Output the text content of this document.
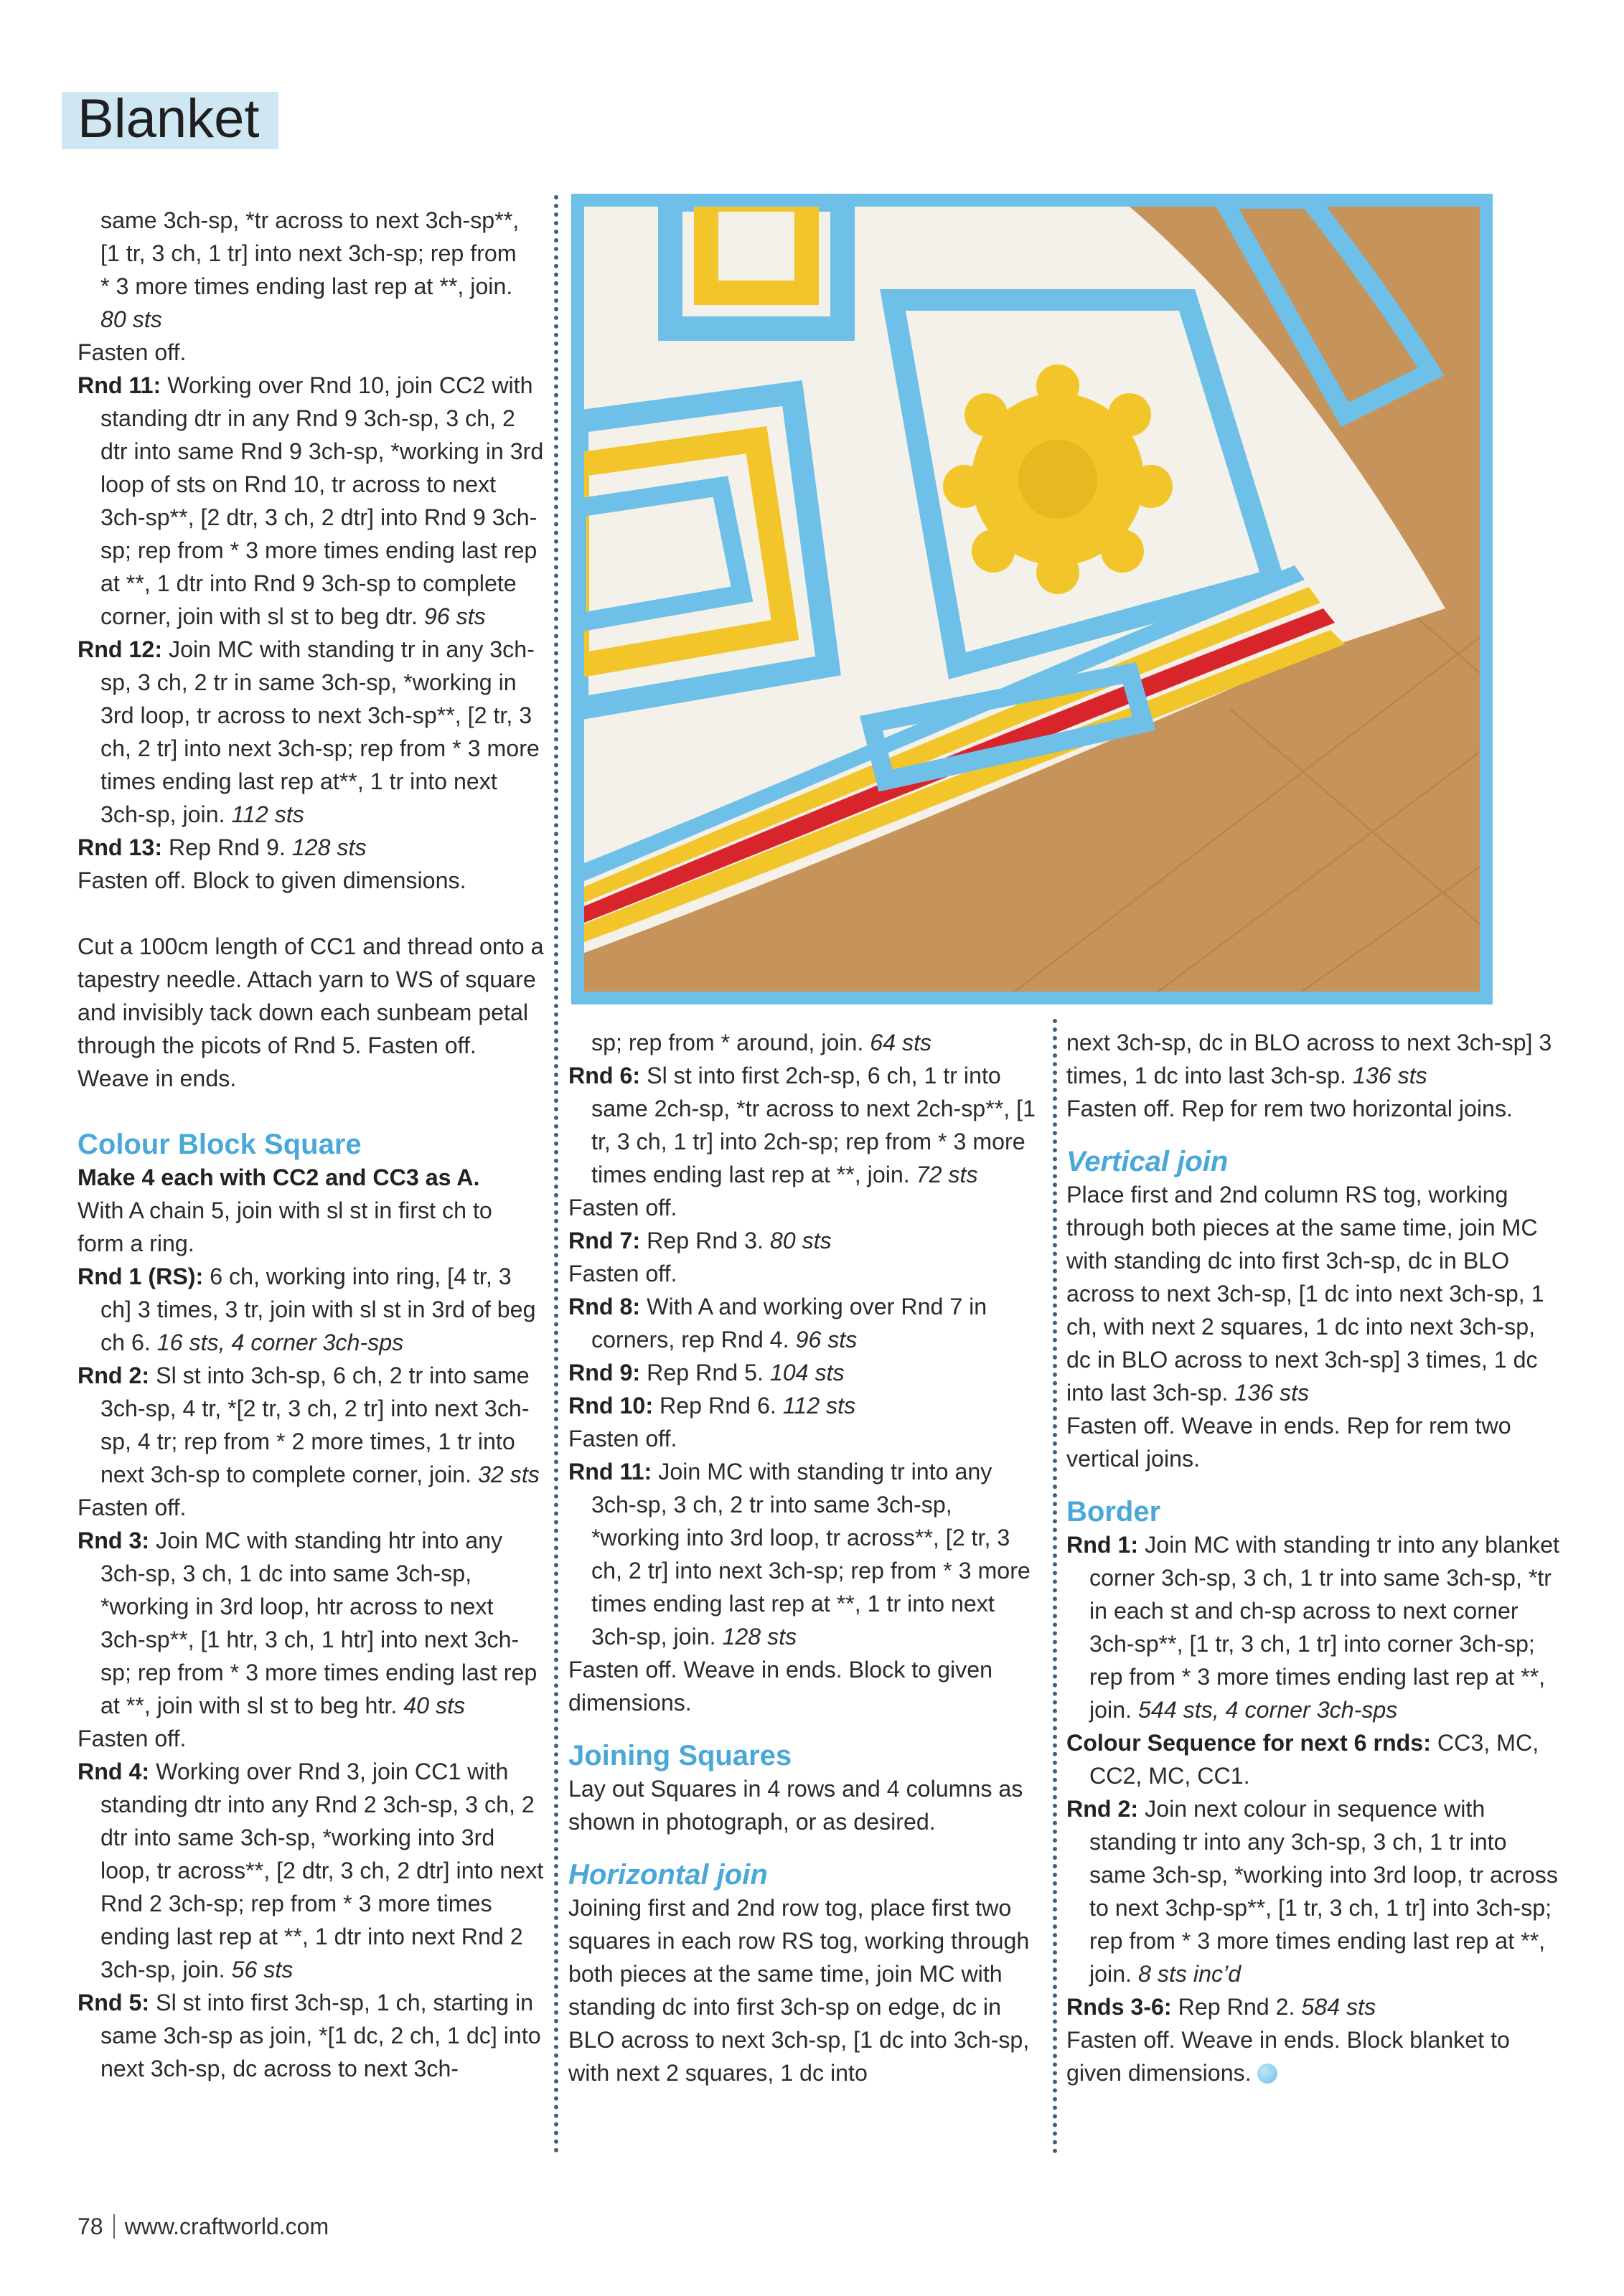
Blanket

same 3ch-sp, *tr across to next 3ch-sp**,

[1 tr, 3 ch, 1 tr] into next 3ch-sp; rep from

* 3 more times ending last rep at **, join.

80 sts

Fasten off.

Rnd 11: Working over Rnd 10, join CC2 with standing dtr in any Rnd 9 3ch-sp, 3 ch, 2 dtr into same Rnd 9 3ch-sp, *working in 3rd loop of sts on Rnd 10, tr across to next 3ch-sp**, [2 dtr, 3 ch, 2 dtr] into Rnd 9 3ch-sp; rep from * 3 more times ending last rep at **, 1 dtr into Rnd 9 3ch-sp to complete corner, join with sl st to beg dtr. 96 sts

Rnd 12: Join MC with standing tr in any 3ch-sp, 3 ch, 2 tr in same 3ch-sp, *working in 3rd loop, tr across to next 3ch-sp**, [2 tr, 3 ch, 2 tr] into next 3ch-sp; rep from * 3 more times ending last rep at**, 1 tr into next 3ch-sp, join. 112 sts

Rnd 13: Rep Rnd 9. 128 sts

Fasten off. Block to given dimensions.

Cut a 100cm length of CC1 and thread onto a tapestry needle. Attach yarn to WS of square and invisibly tack down each sunbeam petal through the picots of Rnd 5. Fasten off. Weave in ends.

Colour Block Square

Make 4 each with CC2 and CC3 as A.

With A chain 5, join with sl st in first ch to form a ring.

Rnd 1 (RS): 6 ch, working into ring, [4 tr, 3 ch] 3 times, 3 tr, join with sl st in 3rd of beg ch 6. 16 sts, 4 corner 3ch-sps

Rnd 2: Sl st into 3ch-sp, 6 ch, 2 tr into same 3ch-sp, 4 tr, *[2 tr, 3 ch, 2 tr] into next 3ch-sp, 4 tr; rep from * 2 more times, 1 tr into next 3ch-sp to complete corner, join. 32 sts

Fasten off.

Rnd 3: Join MC with standing htr into any 3ch-sp, 3 ch, 1 dc into same 3ch-sp, *working in 3rd loop, htr across to next 3ch-sp**, [1 htr, 3 ch, 1 htr] into next 3ch-sp; rep from * 3 more times ending last rep at **, join with sl st to beg htr. 40 sts

Fasten off.

Rnd 4: Working over Rnd 3, join CC1 with standing dtr into any Rnd 2 3ch-sp, 3 ch, 2 dtr into same 3ch-sp, *working into 3rd loop, tr across**, [2 dtr, 3 ch, 2 dtr] into next Rnd 2 3ch-sp; rep from * 3 more times ending last rep at **, 1 dtr into next Rnd 2 3ch-sp, join. 56 sts

Rnd 5: Sl st into first 3ch-sp, 1 ch, starting in same 3ch-sp as join, *[1 dc, 2 ch, 1 dc] into next 3ch-sp, dc across to next 3ch-

sp; rep from * around, join. 64 sts

Rnd 6: Sl st into first 2ch-sp, 6 ch, 1 tr into same 2ch-sp, *tr across to next 2ch-sp**, [1 tr, 3 ch, 1 tr] into 2ch-sp; rep from * 3 more times ending last rep at **, join. 72 sts

Fasten off.

Rnd 7: Rep Rnd 3. 80 sts

Fasten off.

Rnd 8: With A and working over Rnd 7 in corners, rep Rnd 4. 96 sts

Rnd 9: Rep Rnd 5. 104 sts

Rnd 10: Rep Rnd 6. 112 sts

Fasten off.

Rnd 11: Join MC with standing tr into any 3ch-sp, 3 ch, 2 tr into same 3ch-sp, *working into 3rd loop, tr across**, [2 tr, 3 ch, 2 tr] into next 3ch-sp; rep from * 3 more times ending last rep at **, 1 tr into next 3ch-sp, join. 128 sts

Fasten off. Weave in ends. Block to given dimensions.

Joining Squares

Lay out Squares in 4 rows and 4 columns as shown in photograph, or as desired.

Horizontal join

Joining first and 2nd row tog, place first two squares in each row RS tog, working through both pieces at the same time, join MC with standing dc into first 3ch-sp on edge, dc in BLO across to next 3ch-sp, [1 dc into 3ch-sp, with next 2 squares, 1 dc into

next 3ch-sp, dc in BLO across to next 3ch-sp] 3 times, 1 dc into last 3ch-sp. 136 sts

Fasten off. Rep for rem two horizontal joins.

Vertical join

Place first and 2nd column RS tog, working through both pieces at the same time, join MC with standing dc into first 3ch-sp, dc in BLO across to next 3ch-sp, [1 dc into next 3ch-sp, 1 ch, with next 2 squares, 1 dc into next 3ch-sp, dc in BLO across to next 3ch-sp] 3 times, 1 dc into last 3ch-sp. 136 sts

Fasten off. Weave in ends. Rep for rem two vertical joins.

Border

Rnd 1: Join MC with standing tr into any blanket corner 3ch-sp, 3 ch, 1 tr into same 3ch-sp, *tr in each st and ch-sp across to next corner 3ch-sp**, [1 tr, 3 ch, 1 tr] into corner 3ch-sp; rep from * 3 more times ending last rep at **, join. 544 sts, 4 corner 3ch-sps

Colour Sequence for next 6 rnds: CC3, MC, CC2, MC, CC1.

Rnd 2: Join next colour in sequence with standing tr into any 3ch-sp, 3 ch, 1 tr into same 3ch-sp, *working into 3rd loop, tr across to next 3chp-sp**, [1 tr, 3 ch, 1 tr] into 3ch-sp; rep from * 3 more times ending last rep at **, join. 8 sts inc’d

Rnds 3-6: Rep Rnd 2. 584 sts

Fasten off. Weave in ends. Block blanket to given dimensions.

78 www.craftworld.com
